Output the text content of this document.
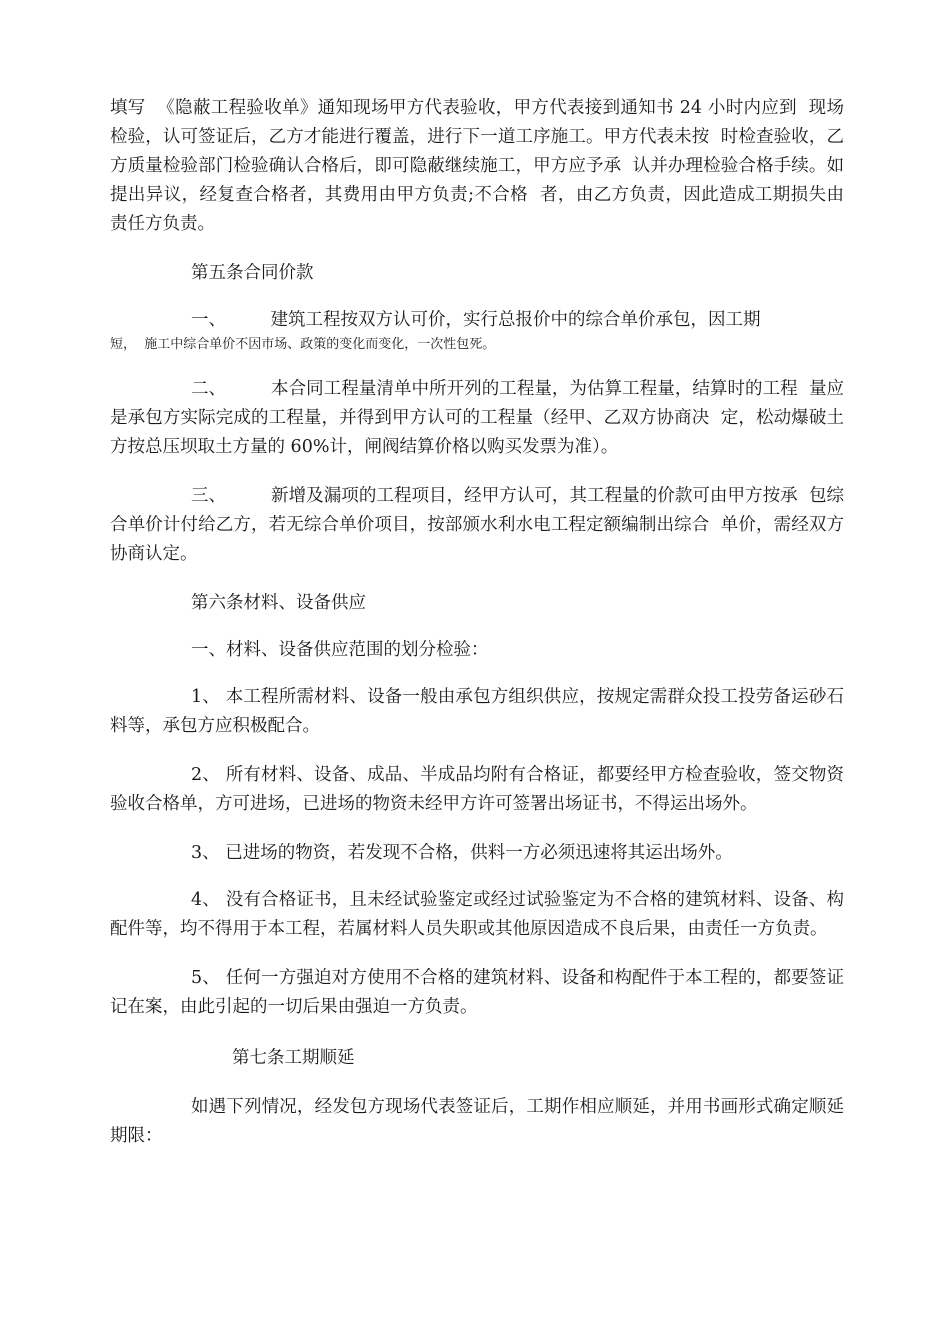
填写  《隐蔽工程验收单》通知现场甲方代表验收，甲方代表接到通知书 24 小时内应到  现场检验，认可签证后，乙方才能进行覆盖，进行下一道工序施工。甲方代表未按  时检查验收，乙方质量检验部门检验确认合格后，即可隐蔽继续施工，甲方应予承  认并办理检验合格手续。如提出异议，经复查合格者，其费用由甲方负责;不合格  者，由乙方负责，因此造成工期损失由责任方负责。

第五条合同价款

一、        建筑工程按双方认可价，实行总报价中的综合单价承包，因工期

短，  施工中综合单价不因市场、政策的变化而变化，一次性包死。

二、        本合同工程量清单中所开列的工程量，为估算工程量，结算时的工程  量应是承包方实际完成的工程量，并得到甲方认可的工程量（经甲、乙双方协商决  定，松动爆破土方按总压坝取土方量的 60%计，闸阀结算价格以购买发票为准）。

三、        新增及漏项的工程项目，经甲方认可，其工程量的价款可由甲方按承  包综合单价计付给乙方，若无综合单价项目，按部颁水利水电工程定额编制出综合  单价，需经双方协商认定。

第六条材料、设备供应

一、材料、设备供应范围的划分检验：

1、 本工程所需材料、设备一般由承包方组织供应，按规定需群众投工投劳备运砂石料等，承包方应积极配合。

2、 所有材料、设备、成品、半成品均附有合格证，都要经甲方检查验收，签交物资验收合格单，方可进场，已进场的物资未经甲方许可签署出场证书，不得运出场外。

3、 已进场的物资，若发现不合格，供料一方必须迅速将其运出场外。

4、 没有合格证书，且未经试验鉴定或经过试验鉴定为不合格的建筑材料、设备、构配件等，均不得用于本工程，若属材料人员失职或其他原因造成不良后果，由责任一方负责。

5、 任何一方强迫对方使用不合格的建筑材料、设备和构配件于本工程的，都要签证记在案，由此引起的一切后果由强迫一方负责。

第七条工期顺延

如遇下列情况，经发包方现场代表签证后，工期作相应顺延，并用书画形式确定顺延期限：
